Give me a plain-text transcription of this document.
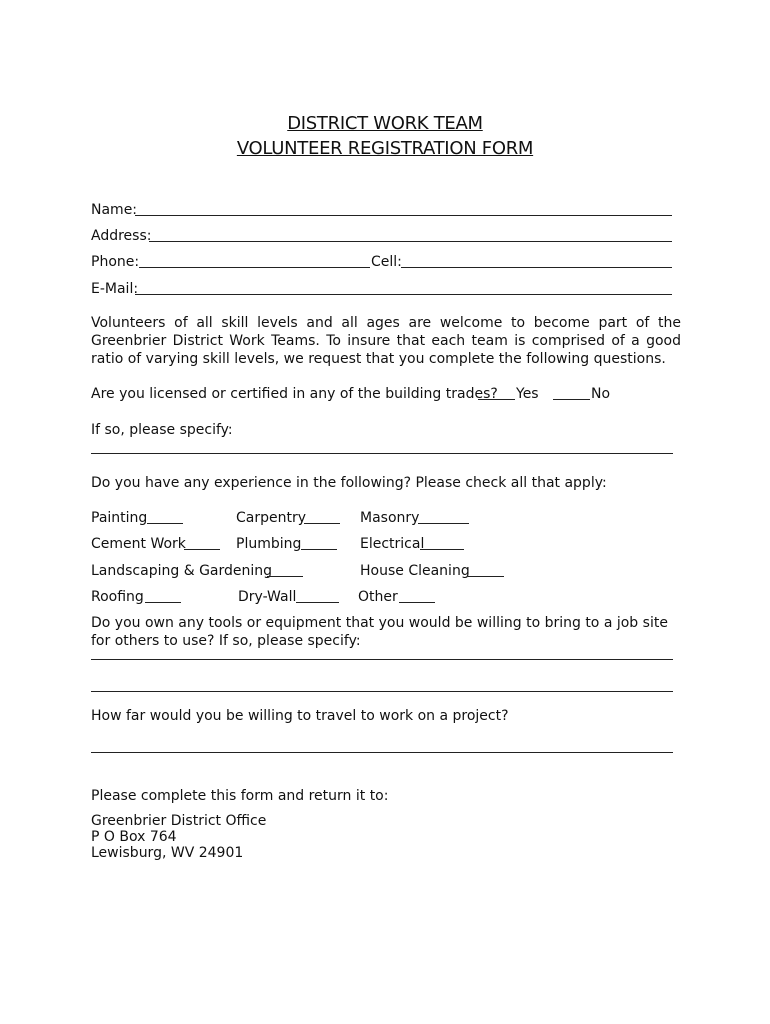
DISTRICT WORK TEAM
VOLUNTEER REGISTRATION FORM
Name:
Address:
Phone:	Cell:
E-Mail:
Volunteers of all skill levels and all ages are welcome to become part of the Greenbrier District Work Teams. To insure that each team is comprised of a good ratio of varying skill levels, we request that you complete the following questions.
Are you licensed or certified in any of the building trades? Yes	No
If so, please specify:
Do you have any experience in the following? Please check all that apply:
Painting	Carpentry	Masonry
Cement Work	Plumbing	Electrical
Landscaping & Gardening	House Cleaning
Roofing	Dry-Wall	Other
Do you own any tools or equipment that you would be willing to bring to a job site for others to use? If so, please specify:
How far would you be willing to travel to work on a project?
Please complete this form and return it to:
Greenbrier District Office
P O Box 764
Lewisburg, WV 24901
